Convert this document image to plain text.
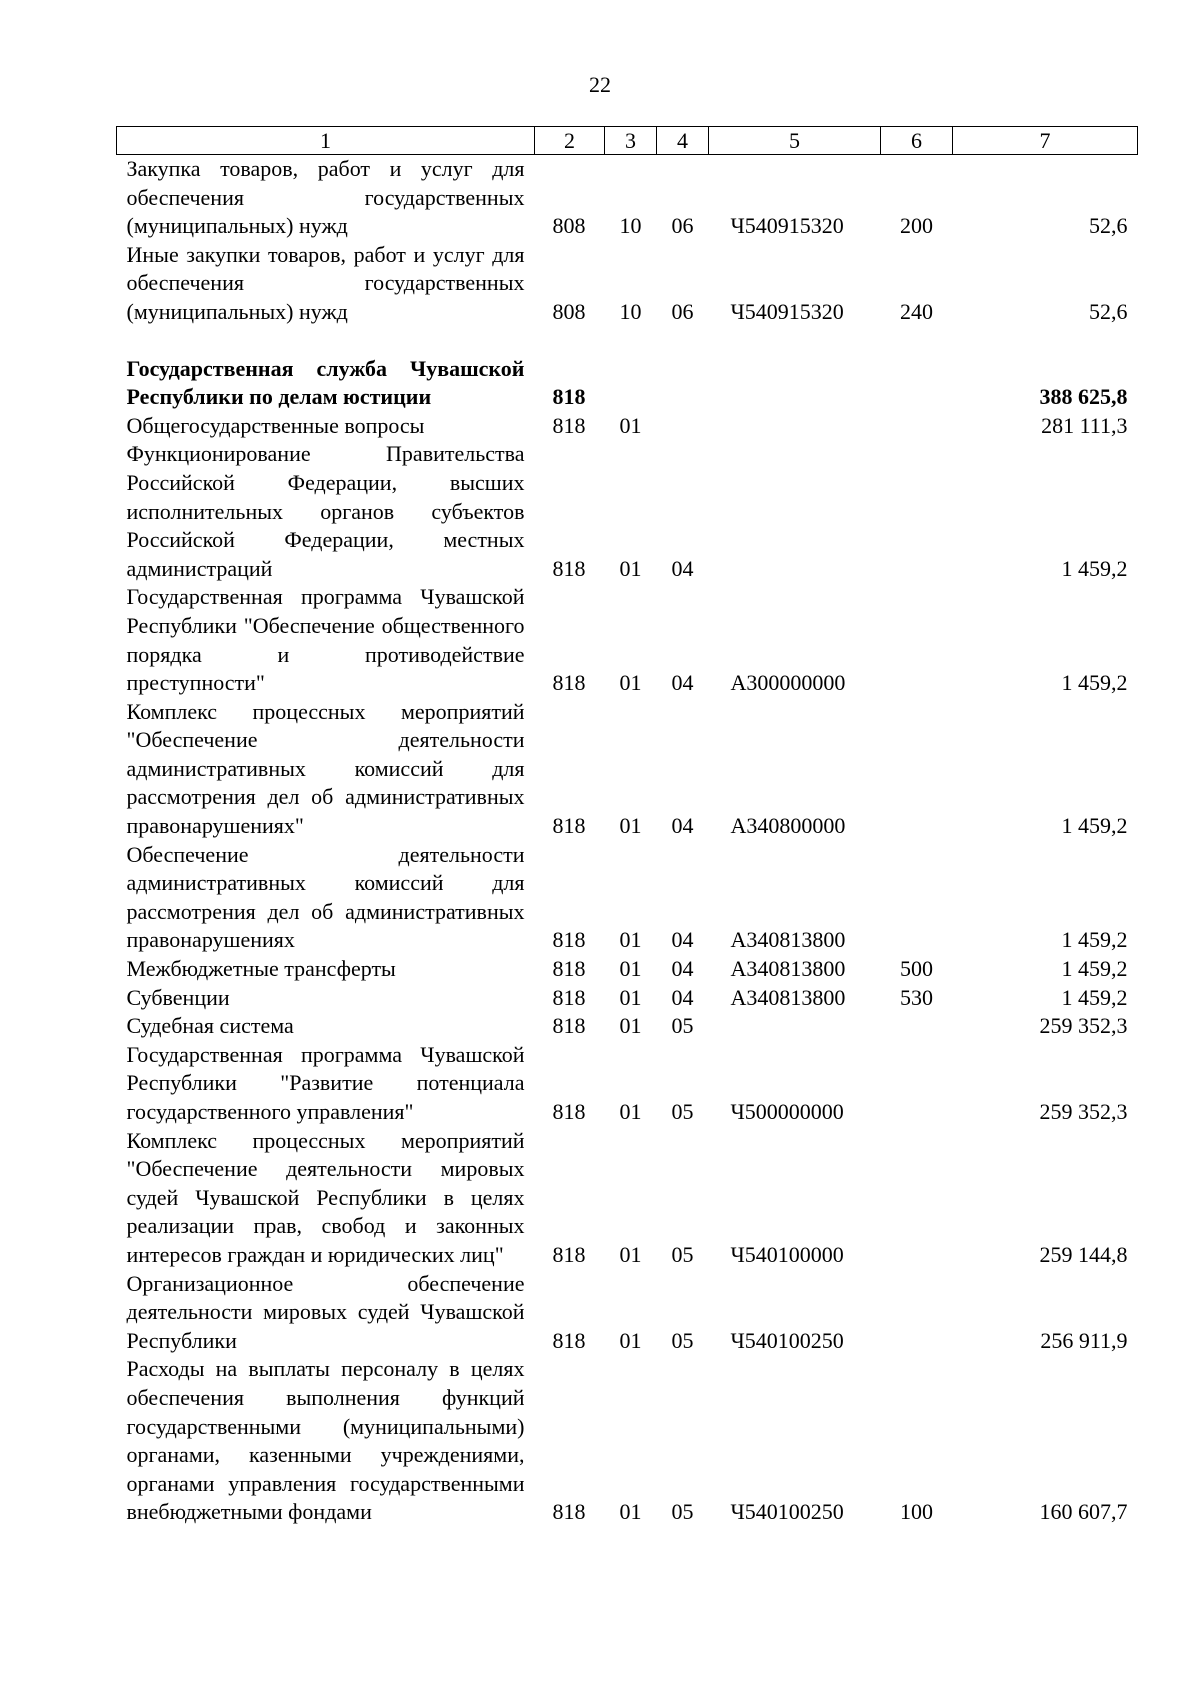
22
1	2	3	4	5	6	7
Закупка товаров, работ и услуг для обеспечения государственных (муниципальных) нужд	808	10	06	Ч540915320	200	52,6
Иные закупки товаров, работ и услуг для обеспечения государственных (муниципальных) нужд	808	10	06	Ч540915320	240	52,6
Государственная служба Чувашской Республики по делам юстиции	818					388 625,8
Общегосударственные вопросы	818	01				281 111,3
Функционирование Правительства Российской Федерации, высших исполнительных органов субъектов Российской Федерации, местных администраций	818	01	04			1 459,2
Государственная программа Чувашской Республики "Обеспечение общественного порядка и противодействие преступности"	818	01	04	А300000000		1 459,2
Комплекс процессных мероприятий "Обеспечение деятельности административных комиссий для рассмотрения дел об административных правонарушениях"	818	01	04	А340800000		1 459,2
Обеспечение деятельности административных комиссий для рассмотрения дел об административных правонарушениях	818	01	04	А340813800		1 459,2
Межбюджетные трансферты	818	01	04	А340813800	500	1 459,2
Субвенции	818	01	04	А340813800	530	1 459,2
Судебная система	818	01	05			259 352,3
Государственная программа Чувашской Республики "Развитие потенциала государственного управления"	818	01	05	Ч500000000		259 352,3
Комплекс процессных мероприятий "Обеспечение деятельности мировых судей Чувашской Республики в целях реализации прав, свобод и законных интересов граждан и юридических лиц"	818	01	05	Ч540100000		259 144,8
Организационное обеспечение деятельности мировых судей Чувашской Республики	818	01	05	Ч540100250		256 911,9
Расходы на выплаты персоналу в целях обеспечения выполнения функций государственными (муниципальными) органами, казенными учреждениями, органами управления государственными внебюджетными фондами	818	01	05	Ч540100250	100	160 607,7
